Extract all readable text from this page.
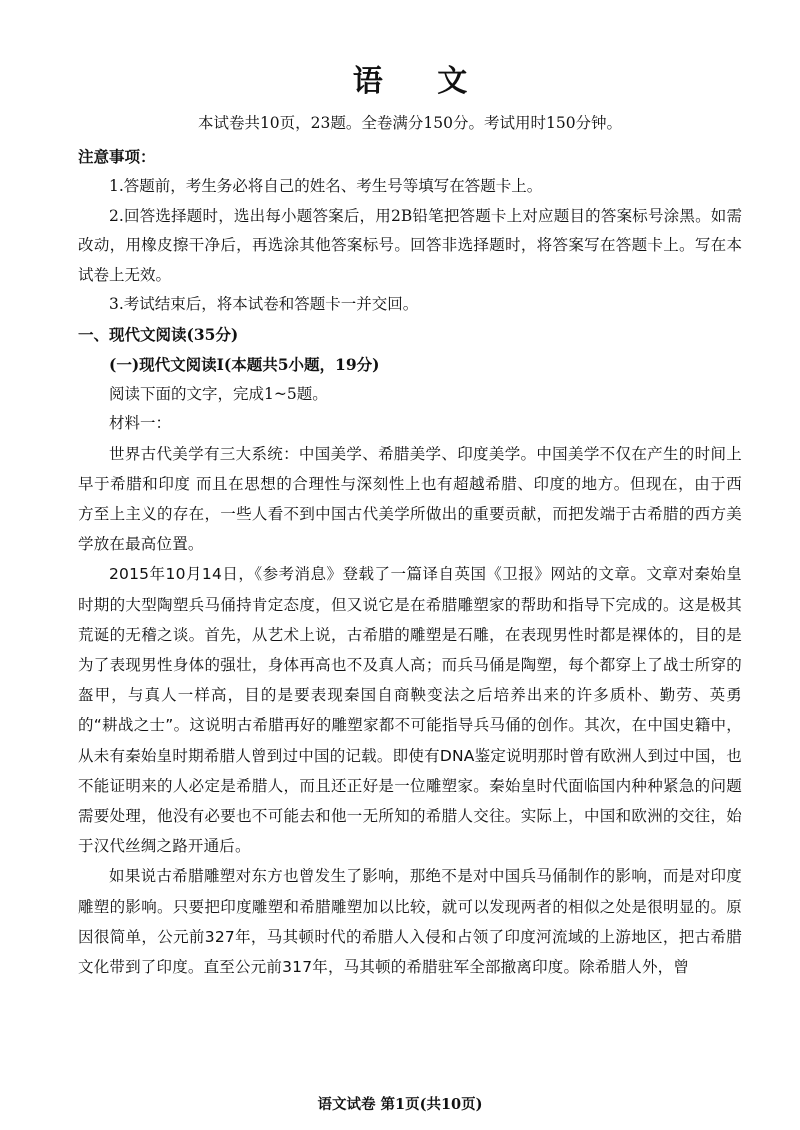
语 文
本试卷共10页，23题。全卷满分150分。考试用时150分钟。
注意事项：

1.答题前，考生务必将自己的姓名、考生号等填写在答题卡上。

2.回答选择题时，选出每小题答案后，用2B铅笔把答题卡上对应题目的答案标号涂黑。如需改动，用橡皮擦干净后，再选涂其他答案标号。回答非选择题时，将答案写在答题卡上。写在本试卷上无效。

3.考试结束后，将本试卷和答题卡一并交回。

一、现代文阅读(35分)
(一)现代文阅读Ⅰ(本题共5小题，19分)

阅读下面的文字，完成1~5题。

材料一：

世界古代美学有三大系统：中国美学、希腊美学、印度美学。中国美学不仅在产生的时间上早于希腊和印度 而且在思想的合理性与深刻性上也有超越希腊、印度的地方。但现在，由于西方至上主义的存在，一些人看不到中国古代美学所做出的重要贡献，而把发端于古希腊的西方美学放在最高位置。

2015年10月14日，《参考消息》登载了一篇译自英国《卫报》网站的文章。文章对秦始皇时期的大型陶塑兵马俑持肯定态度，但又说它是在希腊雕塑家的帮助和指导下完成的。这是极其荒诞的无稽之谈。首先，从艺术上说，古希腊的雕塑是石雕，在表现男性时都是裸体的，目的是为了表现男性身体的强壮，身体再高也不及真人高；而兵马俑是陶塑，每个都穿上了战士所穿的盔甲，与真人一样高，目的是要表现秦国自商鞅变法之后培养出来的许多质朴、勤劳、英勇的“耕战之士”。这说明古希腊再好的雕塑家都不可能指导兵马俑的创作。其次，在中国史籍中，从未有秦始皇时期希腊人曾到过中国的记载。即使有DNA鉴定说明那时曾有欧洲人到过中国，也不能证明来的人必定是希腊人，而且还正好是一位雕塑家。秦始皇时代面临国内种种紧急的问题需要处理，他没有必要也不可能去和他一无所知的希腊人交往。实际上，中国和欧洲的交往，始于汉代丝绸之路开通后。

如果说古希腊雕塑对东方也曾发生了影响，那绝不是对中国兵马俑制作的影响，而是对印度雕塑的影响。只要把印度雕塑和希腊雕塑加以比较，就可以发现两者的相似之处是很明显的。原因很简单，公元前327年，马其顿时代的希腊人入侵和占领了印度河流域的上游地区，把古希腊文化带到了印度。直至公元前317年，马其顿的希腊驻军全部撤离印度。除希腊人外，曾

语文试卷 第1页(共10页)
